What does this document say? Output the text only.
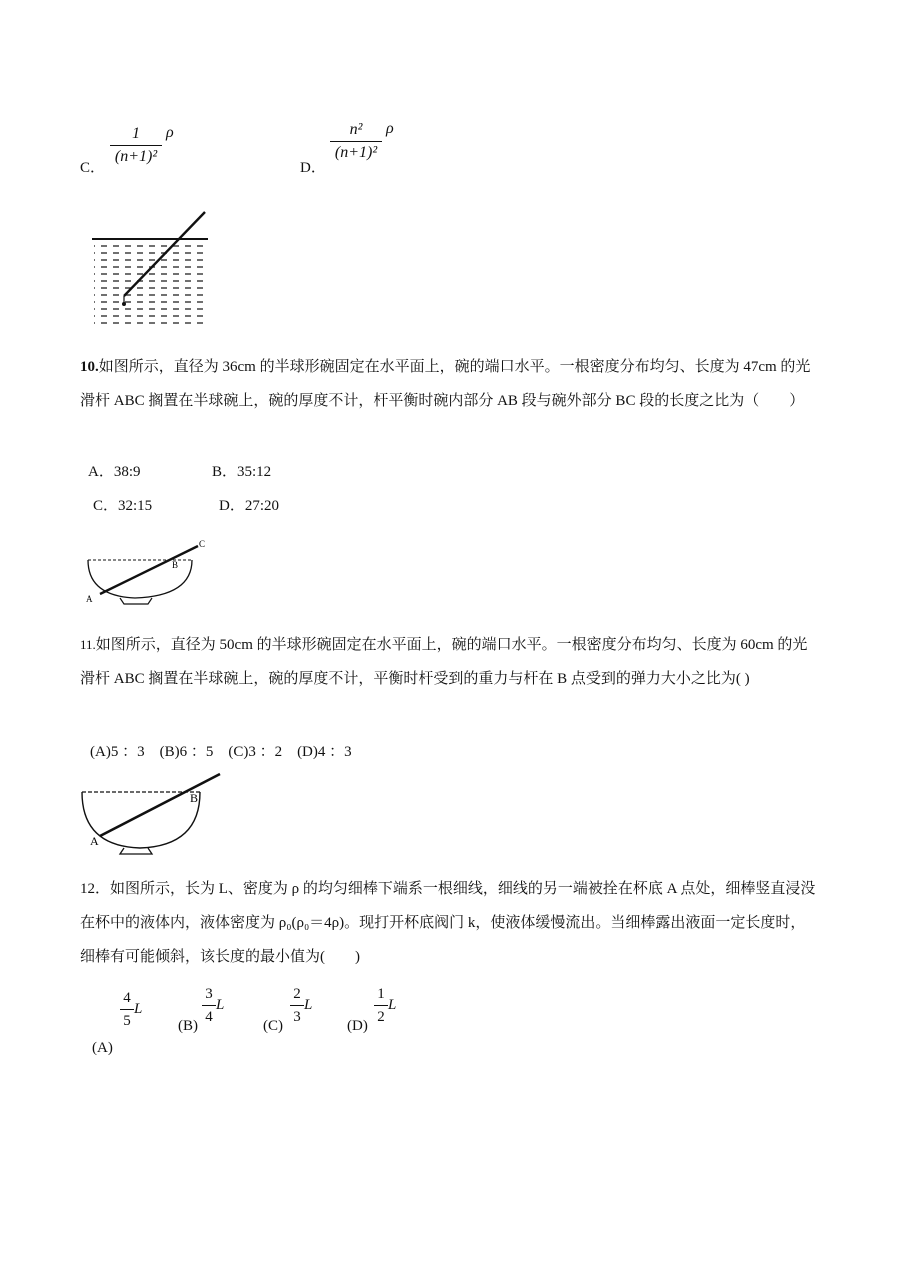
C．
$\frac{1}{\text{(n+1)²}}$ ρ
D．
$\frac{\text{n²}}{\text{(n+1)²}}$ ρ
10.如图所示，直径为 36cm 的半球形碗固定在水平面上，碗的端口水平。一根密度分布均匀、长度为 47cm 的光滑杆 ABC 搁置在半球碗上，碗的厚度不计，杆平衡时碗内部分 AB 段与碗外部分 BC 段的长度之比为（　　）
A．38:9	B．35:12
C．32:15	D．27:20
A
B
C
11.如图所示，直径为 50cm 的半球形碗固定在水平面上，碗的端口水平。一根密度分布均匀、长度为 60cm 的光滑杆 ABC 搁置在半球碗上，碗的厚度不计，平衡时杆受到的重力与杆在 B 点受到的弹力大小之比为( )
(A)5 ：3　(B)6 ：5　(C)3 ：2　(D)4 ：3
A
B
12．如图所示，长为 L、密度为 ρ 的均匀细棒下端系一根细线，细线的另一端被拴在杯底 A 点处，细棒竖直浸没在杯中的液体内，液体密度为 ρ₀(ρ₀＝4ρ)。现打开杯底阀门 k，使液体缓慢流出。当细棒露出液面一定长度时，细棒有可能倾斜，该长度的最小值为(　　)
$\frac{4}{5}$ L
(A)
$(B) \frac{3}{4}$ L
$(C) \frac{2}{3}$ L
$(D) \frac{1}{2}$ L
